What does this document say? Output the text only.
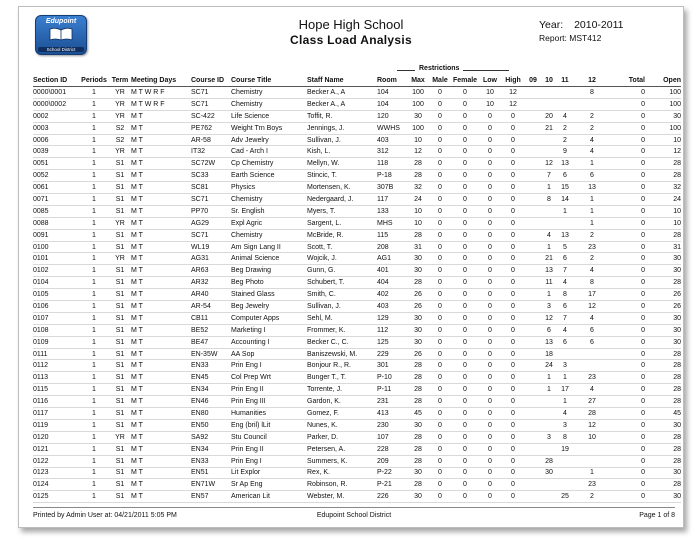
Edupoint
School District
Hope High School
Class Load Analysis
Year: 2010-2011
Report: MST412
Restrictions
Section ID	Periods	Term	Meeting Days	Course ID	Course Title	Staff Name	Room	Max	Male	Female	Low	High	09	10	11	12	Total	Open
0000\0001	1	YR	M T W R F	SC71	Chemistry	Becker A., A	104	100	0	0	10	12				8	0	100
0000\0002	1	YR	M T W R F	SC71	Chemistry	Becker A., A	104	100	0	0	10	12					0	100
0002	1	YR	M T	SC-422	Life Science	Toffit, R.	120	30	0	0	0	0		20	4	2	0	30
0003	1	S2	M T	PE762	Weight Trn Boys	Jennings, J.	WWHS	100	0	0	0	0		21	2	2	0	100
0006	1	S2	M T	AR-58	Adv Jewelry	Sullivan, J.	403	10	0	0	0	0			2	4	0	10
0039	1	YR	M T	IT32	Cad - Arch I	Kish, L.	312	12	0	0	0	0			9	4	0	12
0051	1	S1	M T	SC72W	Cp Chemistry	Mellyn, W.	118	28	0	0	0	0		12	13	1	0	28
0052	1	S1	M T	SC33	Earth Science	Stincic, T.	P-18	28	0	0	0	0		7	6	6	0	28
0061	1	S1	M T	SC81	Physics	Mortensen, K.	307B	32	0	0	0	0		1	15	13	0	32
0071	1	S1	M T	SC71	Chemistry	Nedergaard, J.	117	24	0	0	0	0		8	14	1	0	24
0085	1	S1	M T	PP70	Sr. English	Myers, T.	133	10	0	0	0	0			1	1	0	10
0088	1	YR	M T	AG29	Expl Agric	Sargent, L.	MHS	10	0	0	0	0				1	0	10
0091	1	S1	M T	SC71	Chemistry	McBride, R.	115	28	0	0	0	0		4	13	2	0	28
0100	1	S1	M T	WL19	Am Sign Lang II	Scott, T.	208	31	0	0	0	0		1	5	23	0	31
0101	1	YR	M T	AG31	Animal Science	Wojcik, J.	AG1	30	0	0	0	0		21	6	2	0	30
0102	1	S1	M T	AR63	Beg Drawing	Gunn, G.	401	30	0	0	0	0		13	7	4	0	30
0104	1	S1	M T	AR32	Beg Photo	Schubert, T.	404	28	0	0	0	0		11	4	8	0	28
0105	1	S1	M T	AR40	Stained Glass	Smith, C.	402	26	0	0	0	0		1	8	17	0	26
0106	1	S1	M T	AR-54	Beg Jewelry	Sullivan, J.	403	26	0	0	0	0		3	6	12	0	26
0107	1	S1	M T	CB11	Computer Apps	Sehl, M.	129	30	0	0	0	0		12	7	4	0	30
0108	1	S1	M T	BE52	Marketing I	Frommer, K.	112	30	0	0	0	0		6	4	6	0	30
0109	1	S1	M T	BE47	Accounting I	Becker C., C.	125	30	0	0	0	0		13	6	6	0	30
0111	1	S1	M T	EN-35W	AA Sop	Baniszewski, M.	229	26	0	0	0	0		18			0	28
0112	1	S1	M T	EN33	Prin Eng I	Bonjour R., R.	301	28	0	0	0	0		24	3		0	28
0113	1	S1	M T	EN45	Col Prep Wrt	Bunger T., T.	P-10	28	0	0	0	0		1	1	23	0	28
0115	1	S1	M T	EN34	Prin Eng II	Torrente, J.	P-11	28	0	0	0	0		1	17	4	0	28
0116	1	S1	M T	EN46	Prin Eng III	Gardon, K.	231	28	0	0	0	0			1	27	0	28
0117	1	S1	M T	EN80	Humanities	Gomez, F.	413	45	0	0	0	0			4	28	0	45
0119	1	S1	M T	EN50	Eng (bril) lLit	Nunes, K.	230	30	0	0	0	0			3	12	0	30
0120	1	YR	M T	SA92	Stu Council	Parker, D.	107	28	0	0	0	0		3	8	10	0	28
0121	1	S1	M T	EN34	Prin Eng II	Petersen, A.	228	28	0	0	0	0			19		0	28
0122	1	S1	M T	EN33	Prin Eng I	Summers, K.	209	28	0	0	0	0		28			0	28
0123	1	S1	M T	EN51	Lit Explor	Rex, K.	P-22	30	0	0	0	0		30		1	0	30
0124	1	S1	M T	EN71W	Sr Ap Eng	Robinson, R.	P-21	28	0	0	0	0				23	0	28
0125	1	S1	M T	EN57	American Lit	Webster, M.	226	30	0	0	0	0			25	2	0	30
Printed by Admin User at: 04/21/2011 5:05 PM	Edupoint School District	Page 1 of 8
